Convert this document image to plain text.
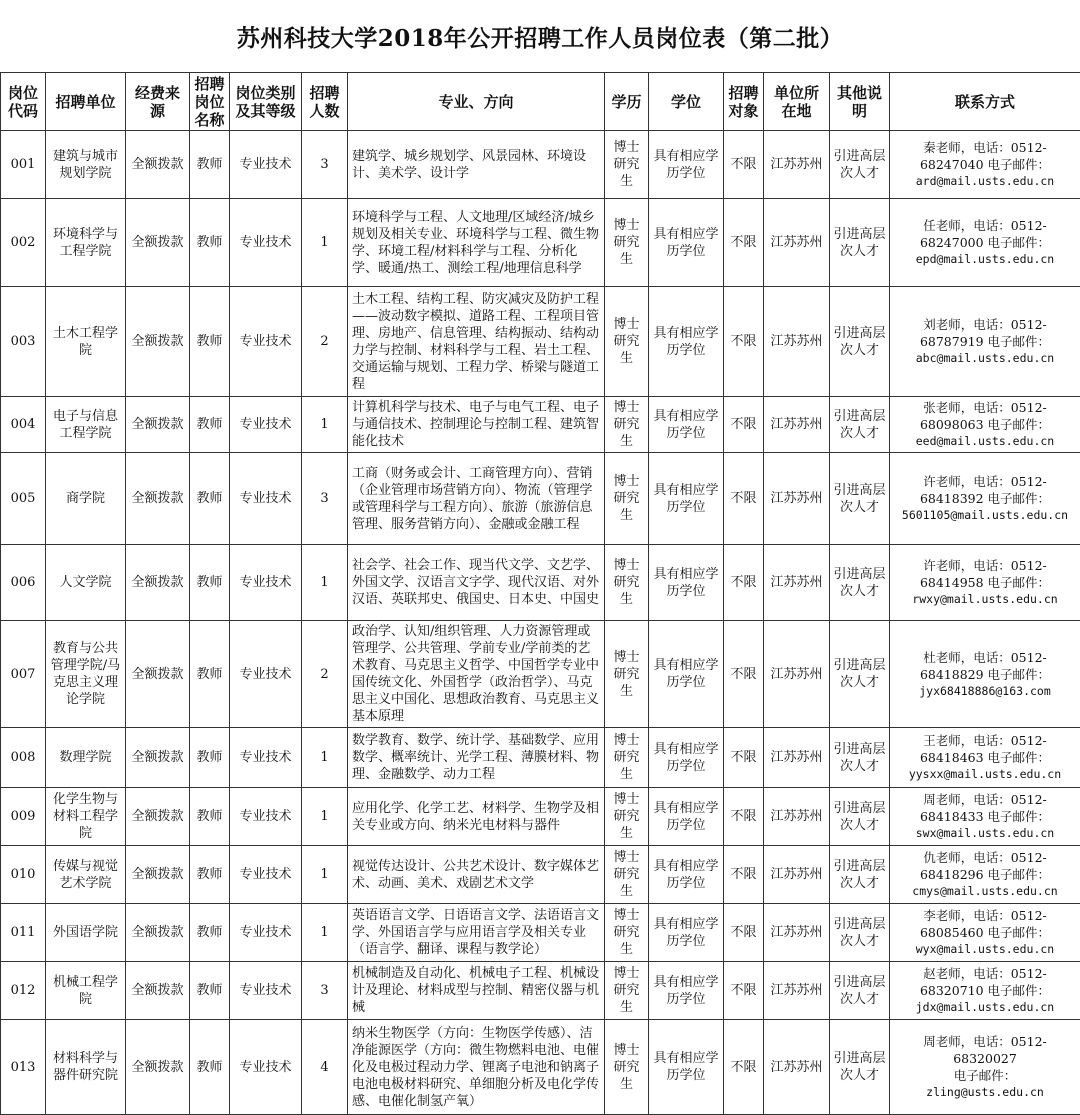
苏州科技大学2018年公开招聘工作人员岗位表（第二批）
岗位代码	招聘单位	经费来源	招聘岗位名称	岗位类别及其等级	招聘人数	专业、方向	学历	学位	招聘对象	单位所在地	其他说明	联系方式
001	建筑与城市规划学院	全额拨款	教师	专业技术	3	建筑学、城乡规划学、风景园林、环境设计、美术学、设计学	博士研究生	具有相应学历学位	不限	江苏苏州	引进高层次人才	秦老师，电话：0512-
68247040 电子邮件：
ard@mail.usts.edu.cn

002	环境科学与工程学院	全额拨款	教师	专业技术	1	环境科学与工程、人文地理/区域经济/城乡规划及相关专业、环境科学与工程、微生物学、环境工程/材料科学与工程、分析化学、暖通/热工、测绘工程/地理信息科学	博士研究生	具有相应学历学位	不限	江苏苏州	引进高层次人才	任老师，电话：0512-
68247000 电子邮件：
epd@mail.usts.edu.cn

003	土木工程学院	全额拨款	教师	专业技术	2	土木工程、结构工程、防灾减灾及防护工程——波动数字模拟、道路工程、工程项目管理、房地产、信息管理、结构振动、结构动力学与控制、材料科学与工程、岩土工程、交通运输与规划、工程力学、桥梁与隧道工程	博士研究生	具有相应学历学位	不限	江苏苏州	引进高层次人才	刘老师，电话：0512-
68787919 电子邮件：
abc@mail.usts.edu.cn

004	电子与信息工程学院	全额拨款	教师	专业技术	1	计算机科学与技术、电子与电气工程、电子与通信技术、控制理论与控制工程、建筑智能化技术	博士研究生	具有相应学历学位	不限	江苏苏州	引进高层次人才	张老师，电话：0512-
68098063 电子邮件：
eed@mail.usts.edu.cn

005	商学院	全额拨款	教师	专业技术	3	工商（财务或会计、工商管理方向）、营销（企业管理市场营销方向）、物流（管理学或管理科学与工程方向）、旅游（旅游信息管理、服务营销方向）、金融或金融工程	博士研究生	具有相应学历学位	不限	江苏苏州	引进高层次人才	许老师，电话：0512-
68418392 电子邮件：
5601105@mail.usts.edu.cn

006	人文学院	全额拨款	教师	专业技术	1	社会学、社会工作、现当代文学、文艺学、外国文学、汉语言文字学、现代汉语、对外汉语、英联邦史、俄国史、日本史、中国史	博士研究生	具有相应学历学位	不限	江苏苏州	引进高层次人才	许老师，电话：0512-
68414958 电子邮件：
rwxy@mail.usts.edu.cn

007	教育与公共管理学院/马克思主义理论学院	全额拨款	教师	专业技术	2	政治学、认知/组织管理、人力资源管理或管理学、公共管理、学前专业/学前类的艺术教育、马克思主义哲学、中国哲学专业中国传统文化、外国哲学（政治哲学）、马克思主义中国化、思想政治教育、马克思主义基本原理	博士研究生	具有相应学历学位	不限	江苏苏州	引进高层次人才	杜老师，电话：0512-
68418829 电子邮件：
jyx68418886@163.com

008	数理学院	全额拨款	教师	专业技术	1	数学教育、数学、统计学、基础数学、应用数学、概率统计、光学工程、薄膜材料、物理、金融数学、动力工程	博士研究生	具有相应学历学位	不限	江苏苏州	引进高层次人才	王老师，电话：0512-
68418463 电子邮件：
yysxx@mail.usts.edu.cn

009	化学生物与材料工程学院	全额拨款	教师	专业技术	1	应用化学、化学工艺、材料学、生物学及相关专业或方向、纳米光电材料与器件	博士研究生	具有相应学历学位	不限	江苏苏州	引进高层次人才	周老师，电话：0512-
68418433 电子邮件：
swx@mail.usts.edu.cn

010	传媒与视觉艺术学院	全额拨款	教师	专业技术	1	视觉传达设计、公共艺术设计、数字媒体艺术、动画、美术、戏剧艺术文学	博士研究生	具有相应学历学位	不限	江苏苏州	引进高层次人才	仇老师，电话：0512-
68418296 电子邮件：
cmys@mail.usts.edu.cn

011	外国语学院	全额拨款	教师	专业技术	1	英语语言文学、日语语言文学、法语语言文学、外国语言学与应用语言学及相关专业（语言学、翻译、课程与教学论）	博士研究生	具有相应学历学位	不限	江苏苏州	引进高层次人才	李老师，电话：0512-
68085460 电子邮件：
wyx@mail.usts.edu.cn

012	机械工程学院	全额拨款	教师	专业技术	3	机械制造及自动化、机械电子工程、机械设计及理论、材料成型与控制、精密仪器与机械	博士研究生	具有相应学历学位	不限	江苏苏州	引进高层次人才	赵老师，电话：0512-
68320710 电子邮件：
jdx@mail.usts.edu.cn

013	材料科学与器件研究院	全额拨款	教师	专业技术	4	纳米生物医学（方向：生物医学传感）、洁净能源医学（方向：微生物燃料电池、电催化及电极过程动力学、锂离子电池和钠离子电池电极材料研究、单细胞分析及电化学传感、电催化制氢产氧）	博士研究生	具有相应学历学位	不限	江苏苏州	引进高层次人才	周老师，电话：0512-
68320027
电子邮件：
zling@usts.edu.cn
